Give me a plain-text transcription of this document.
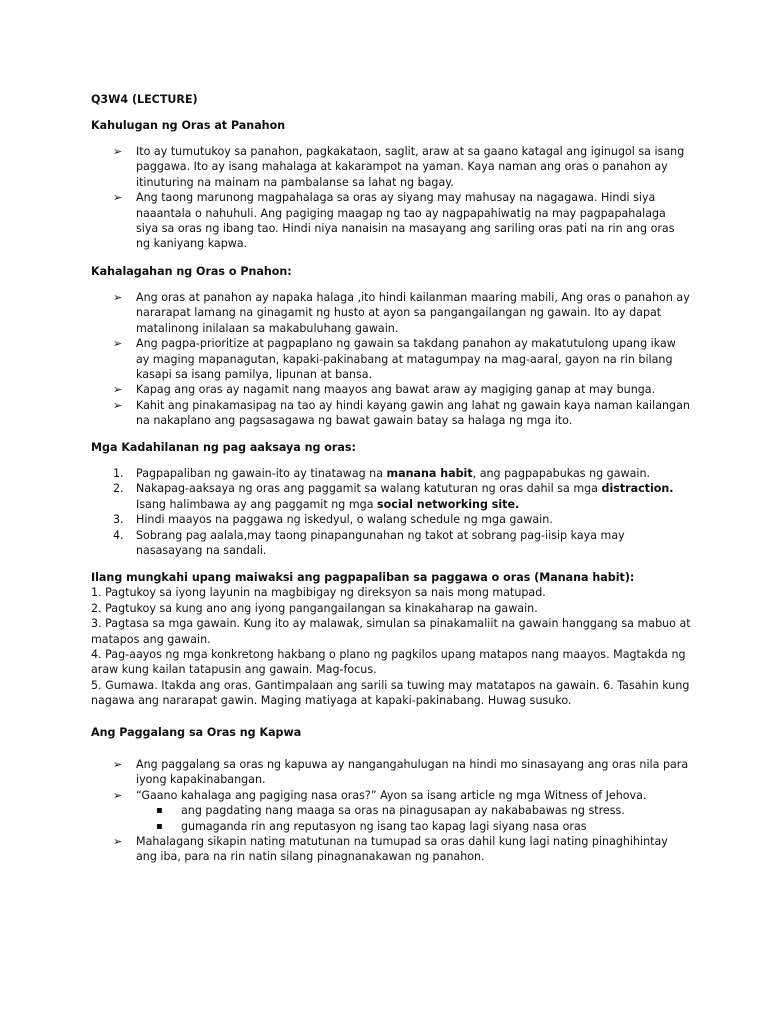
Q3W4 (LECTURE)

Kahulugan ng Oras at Panahon

➢ Ito ay tumutukoy sa panahon, pagkakataon, saglit, araw at sa gaano katagal ang iginugol sa isang paggawa. Ito ay isang mahalaga at kakarampot na yaman. Kaya naman ang oras o panahon ay itinuturing na mainam na pambalanse sa lahat ng bagay.
➢ Ang taong marunong magpahalaga sa oras ay siyang may mahusay na nagagawa. Hindi siya naaantala o nahuhuli. Ang pagiging maagap ng tao ay nagpapahiwatig na may pagpapahalaga siya sa oras ng ibang tao. Hindi niya nanaisin na masayang ang sariling oras pati na rin ang oras ng kaniyang kapwa.

Kahalagahan ng Oras o Pnahon:

➢ Ang oras at panahon ay napaka halaga ,ito hindi kailanman maaring mabili, Ang oras o panahon ay nararapat lamang na ginagamit ng husto at ayon sa pangangailangan ng gawain. Ito ay dapat matalinong inilalaan sa makabuluhang gawain.
➢ Ang pagpa-prioritize at pagpaplano ng gawain sa takdang panahon ay makatutulong upang ikaw ay maging mapanagutan, kapaki-pakinabang at matagumpay na mag-aaral, gayon na rin bilang kasapi sa isang pamilya, lipunan at bansa.
➢ Kapag ang oras ay nagamit nang maayos ang bawat araw ay magiging ganap at may bunga.
➢ Kahit ang pinakamasipag na tao ay hindi kayang gawin ang lahat ng gawain kaya naman kailangan na nakaplano ang pagsasagawa ng bawat gawain batay sa halaga ng mga ito.

Mga Kadahilanan ng pag aaksaya ng oras:

1. Pagpapaliban ng gawain-ito ay tinatawag na manana habit, ang pagpapabukas ng gawain.
2. Nakapag-aaksaya ng oras ang paggamit sa walang katuturan ng oras dahil sa mga distraction. Isang halimbawa ay ang paggamit ng mga social networking site.
3. Hindi maayos na paggawa ng iskedyul, o walang schedule ng mga gawain.
4. Sobrang pag aalala,may taong pinapangunahan ng takot at sobrang pag-iisip kaya may nasasayang na sandali.

Ilang mungkahi upang maiwaksi ang pagpapaliban sa paggawa o oras (Manana habit):

1. Pagtukoy sa iyong layunin na magbibigay ng direksyon sa nais mong matupad.

2. Pagtukoy sa kung ano ang iyong pangangailangan sa kinakaharap na gawain.

3. Pagtasa sa mga gawain. Kung ito ay malawak, simulan sa pinakamaliit na gawain hanggang sa mabuo at matapos ang gawain.

4. Pag-aayos ng mga konkretong hakbang o plano ng pagkilos upang matapos nang maayos. Magtakda ng araw kung kailan tatapusin ang gawain. Mag-focus.

5. Gumawa. Itakda ang oras. Gantimpalaan ang sarili sa tuwing may matatapos na gawain. 6. Tasahin kung nagawa ang nararapat gawin. Maging matiyaga at kapaki-pakinabang. Huwag susuko.

Ang Paggalang sa Oras ng Kapwa

➢ Ang paggalang sa oras ng kapuwa ay nangangahulugan na hindi mo sinasayang ang oras nila para iyong kapakinabangan.
➢ “Gaano kahalaga ang pagiging nasa oras?” Ayon sa isang article ng mga Witness of Jehova.
▪ ang pagdating nang maaga sa oras na pinagusapan ay nakababawas ng stress.
▪ gumaganda rin ang reputasyon ng isang tao kapag lagi siyang nasa oras
➢ Mahalagang sikapin nating matutunan na tumupad sa oras dahil kung lagi nating pinaghihintay ang iba, para na rin natin silang pinagnanakawan ng panahon.
